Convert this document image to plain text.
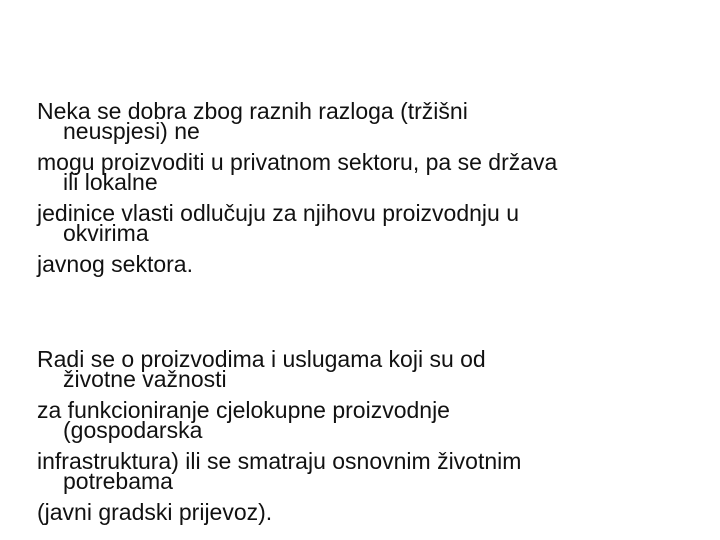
Neka se dobra zbog raznih razloga (tržišni
neuspjesi) ne
mogu proizvoditi u privatnom sektoru, pa se država
ili lokalne
jedinice vlasti odlučuju za njihovu proizvodnju u
okvirima
javnog sektora.

Radi se o proizvodima i uslugama koji su od
životne važnosti
za funkcioniranje cjelokupne proizvodnje
(gospodarska
infrastruktura) ili se smatraju osnovnim životnim
potrebama
(javni gradski prijevoz).
